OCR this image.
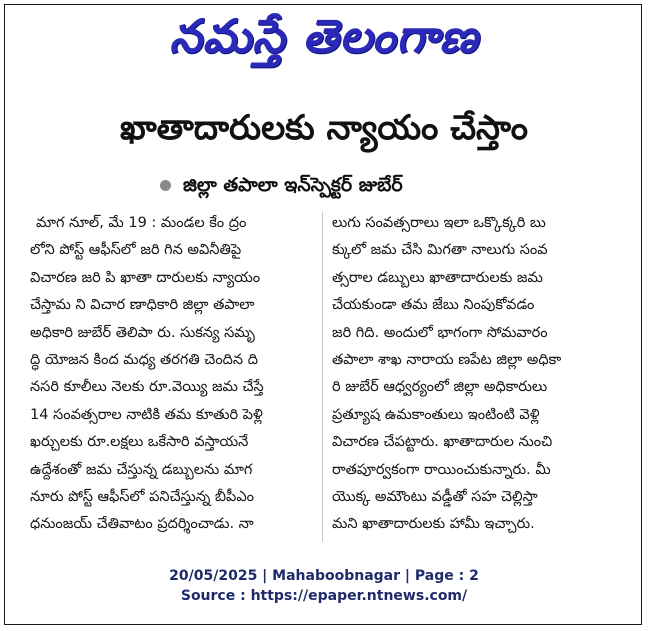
నమస్తే తెలంగాణ
ఖాతాదారులకు న్యాయం చేస్తాం
జిల్లా తపాలా ఇన్‌స్పెక్టర్ జుబేర్
మాగ నూల్, మే 19 : మండల కేం ద్రం
లోని పోస్ట్ ఆఫీస్‌లో జరి గిన అవినీతిపై
విచారణ జరి పి ఖాతా దారులకు న్యాయం
చేస్తామ ని విచార ణాధికారి జిల్లా తపాలా
అధికారి జుబేర్ తెలిపా రు. సుకన్య సమృ
ద్ధి యోజన కింద మధ్య తరగతి చెందిన ది
నసరి కూలీలు నెలకు రూ.వెయ్యి జమ చేస్తే
14 సంవత్సరాల నాటికి తమ కూతురి పెళ్లి
ఖర్చులకు రూ.లక్షలు ఒకేసారి వస్తాయనే
ఉద్దేశంతో జమ చేస్తున్న డబ్బులను మాగ
నూరు పోస్ట్ ఆఫీస్‌లో పనిచేస్తున్న బీపీఎం
ధనుంజయ్ చేతివాటం ప్రదర్శించాడు. నా
లుగు సంవత్సరాలు ఇలా ఒక్కొక్కరి బు
క్కులో జమ చేసి మిగతా నాలుగు సంవ
త్సరాల డబ్బులు ఖాతాదారులకు జమ
చేయకుండా తమ జేబు నింపుకోవడం
జరి గిది. అందులో భాగంగా సోమవారం
తపాలా శాఖ నారాయ ణపేట జిల్లా అధికా
రి జుబేర్ ఆధ్వర్యంలో జిల్లా అధికారులు
ప్రత్యూష ఉమకాంతులు ఇంటింటి వెళ్లి
విచారణ చేపట్టారు. ఖాతాదారుల నుంచి
రాతపూర్వకంగా రాయించుకున్నారు. మీ
యొక్క అమౌంటు వడ్డీతో సహ చెల్లిస్తా
మని ఖాతాదారులకు హామీ ఇచ్చారు.
20/05/2025 | Mahaboobnagar | Page : 2
Source : https://epaper.ntnews.com/
